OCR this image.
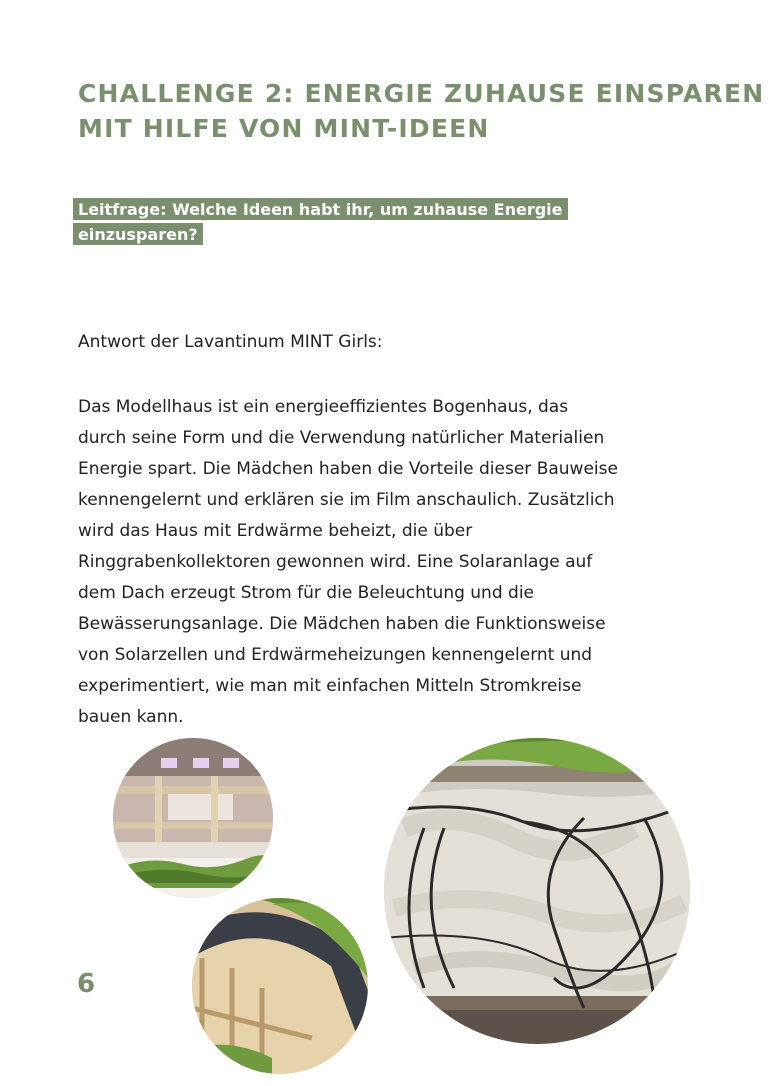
CHALLENGE 2: ENERGIE ZUHAUSE EINSPAREN
MIT HILFE VON MINT-IDEEN
Leitfrage: Welche Ideen habt ihr, um zuhause Energie einzusparen?

Antwort der Lavantinum MINT Girls:

Das Modellhaus ist ein energieeffizientes Bogenhaus, das
durch seine Form und die Verwendung natürlicher Materialien
Energie spart. Die Mädchen haben die Vorteile dieser Bauweise
kennengelernt und erklären sie im Film anschaulich. Zusätzlich
wird das Haus mit Erdwärme beheizt, die über
Ringgrabenkollektoren gewonnen wird. Eine Solaranlage auf
dem Dach erzeugt Strom für die Beleuchtung und die
Bewässerungsanlage. Die Mädchen haben die Funktionsweise
von Solarzellen und Erdwärmeheizungen kennengelernt und
experimentiert, wie man mit einfachen Mitteln Stromkreise
bauen kann.

6
